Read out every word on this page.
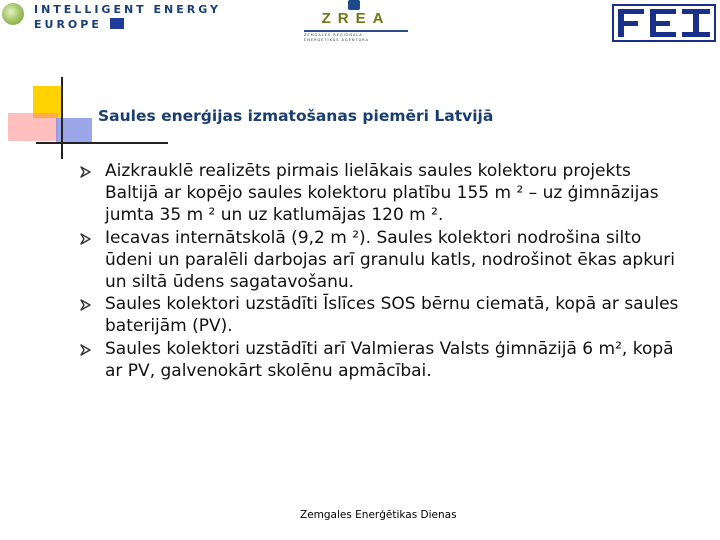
INTELLIGENT ENERGY
EUROPE	ZREA
ZEMGALES REĢIONĀLĀ
ENERĢĒTIKAS AĢENTŪRA
Saules enerģijas izmatošanas piemēri Latvijā
Aizkrauklē realizēts pirmais lielākais saules kolektoru projekts Baltijā ar kopējo saules kolektoru platību 155 m ² – uz ģimnāzijas jumta 35 m ² un uz katlumājas 120 m ².
Iecavas internātskolā (9,2 m ²). Saules kolektori nodrošina silto ūdeni un paralēli darbojas arī granulu katls, nodrošinot ēkas apkuri un siltā ūdens sagatavošanu.
Saules kolektori uzstādīti Īslīces SOS bērnu ciematā, kopā ar saules baterijām (PV).
Saules kolektori uzstādīti arī Valmieras Valsts ģimnāzijā 6 m², kopā ar PV, galvenokārt skolēnu apmācībai.
Zemgales Enerģētikas Dienas
